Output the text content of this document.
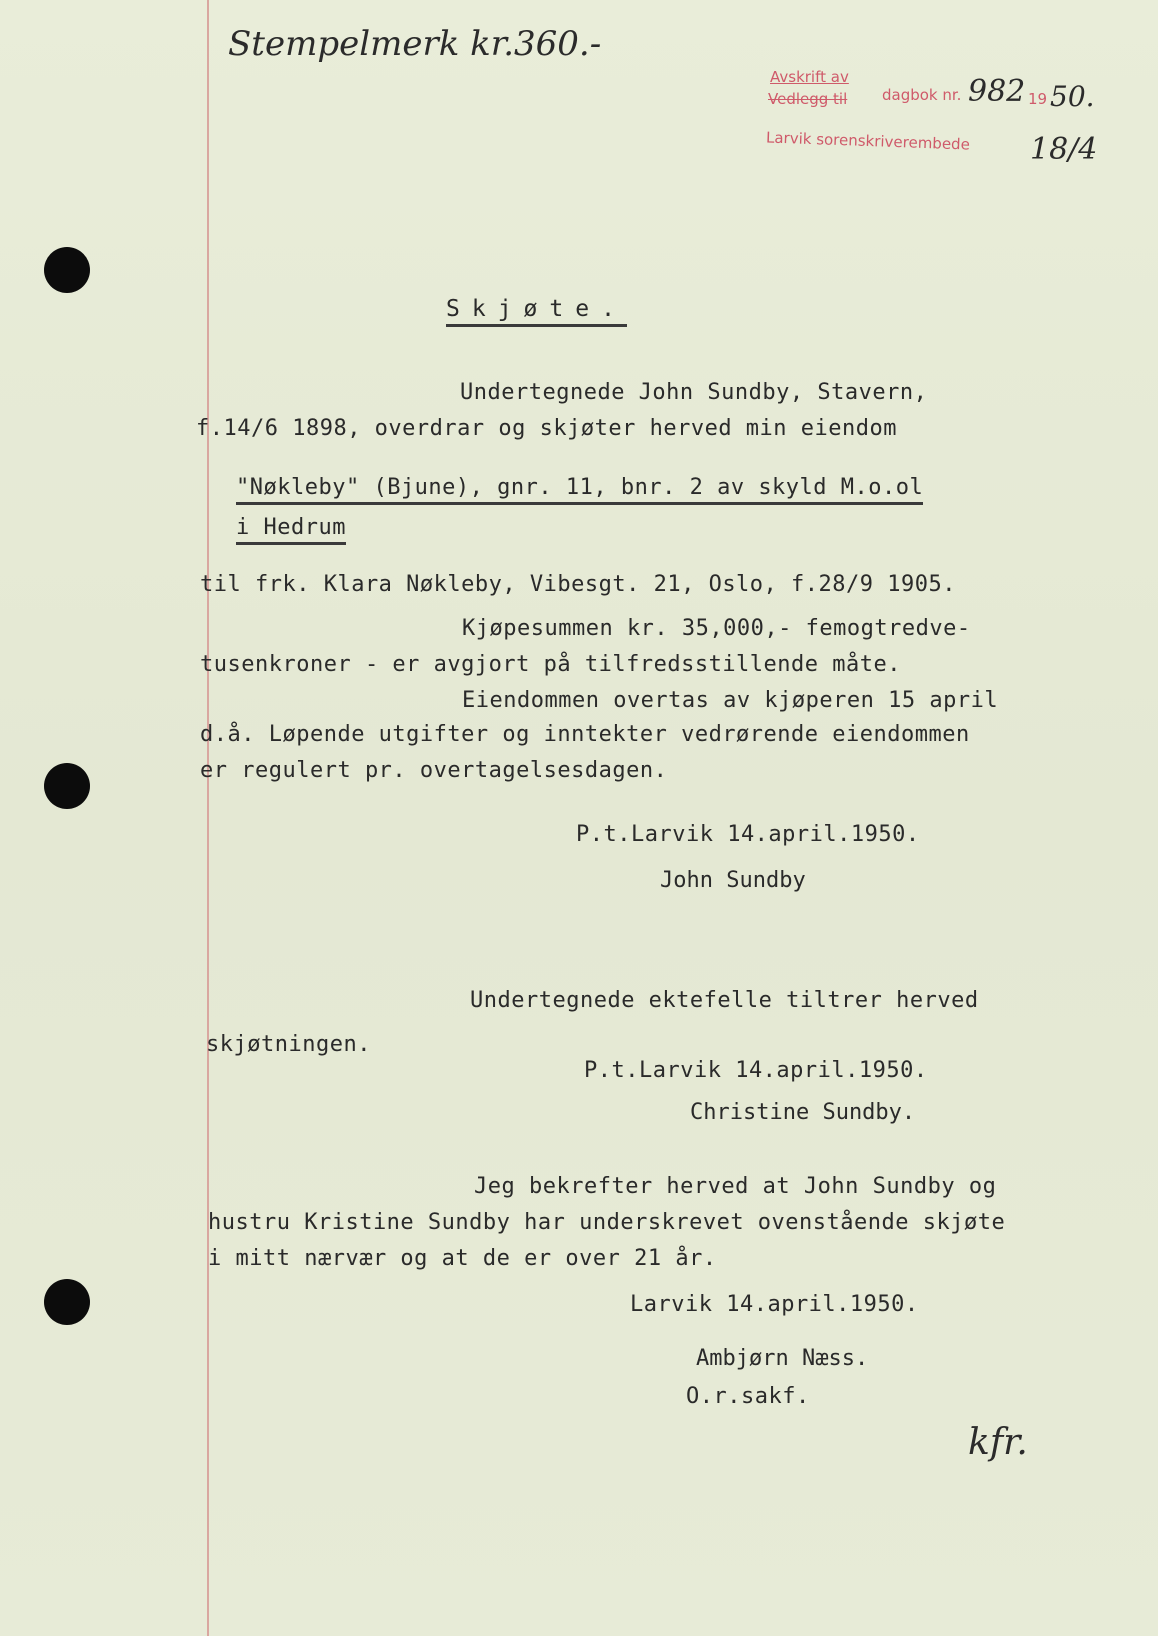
Stempelmerk kr.360.-
Avskrift av
Vedlegg til dagbok nr. 982 19 50.
Larvik sorenskriverembede 18/4
Skjøte.
Undertegnede John Sundby, Stavern,
f.14/6 1898, overdrar og skjøter herved min eiendom
"Nøkleby" (Bjune), gnr. 11, bnr. 2 av skyld M.o.ol
i Hedrum
til frk. Klara Nøkleby, Vibesgt. 21, Oslo, f.28/9 1905.
Kjøpesummen kr. 35,000,- femogtredve-
tusenkroner - er avgjort på tilfredsstillende måte.
Eiendommen overtas av kjøperen 15 april
d.å. Løpende utgifter og inntekter vedrørende eiendommen
er regulert pr. overtagelsesdagen.
P.t.Larvik 14.april.1950.
John Sundby
Undertegnede ektefelle tiltrer herved
skjøtningen.
P.t.Larvik 14.april.1950.
Christine Sundby.
Jeg bekrefter herved at John Sundby og
hustru Kristine Sundby har underskrevet ovenstående skjøte
i mitt nærvær og at de er over 21 år.
Larvik 14.april.1950.
Ambjørn Næss.
O.r.sakf.
kfr.
